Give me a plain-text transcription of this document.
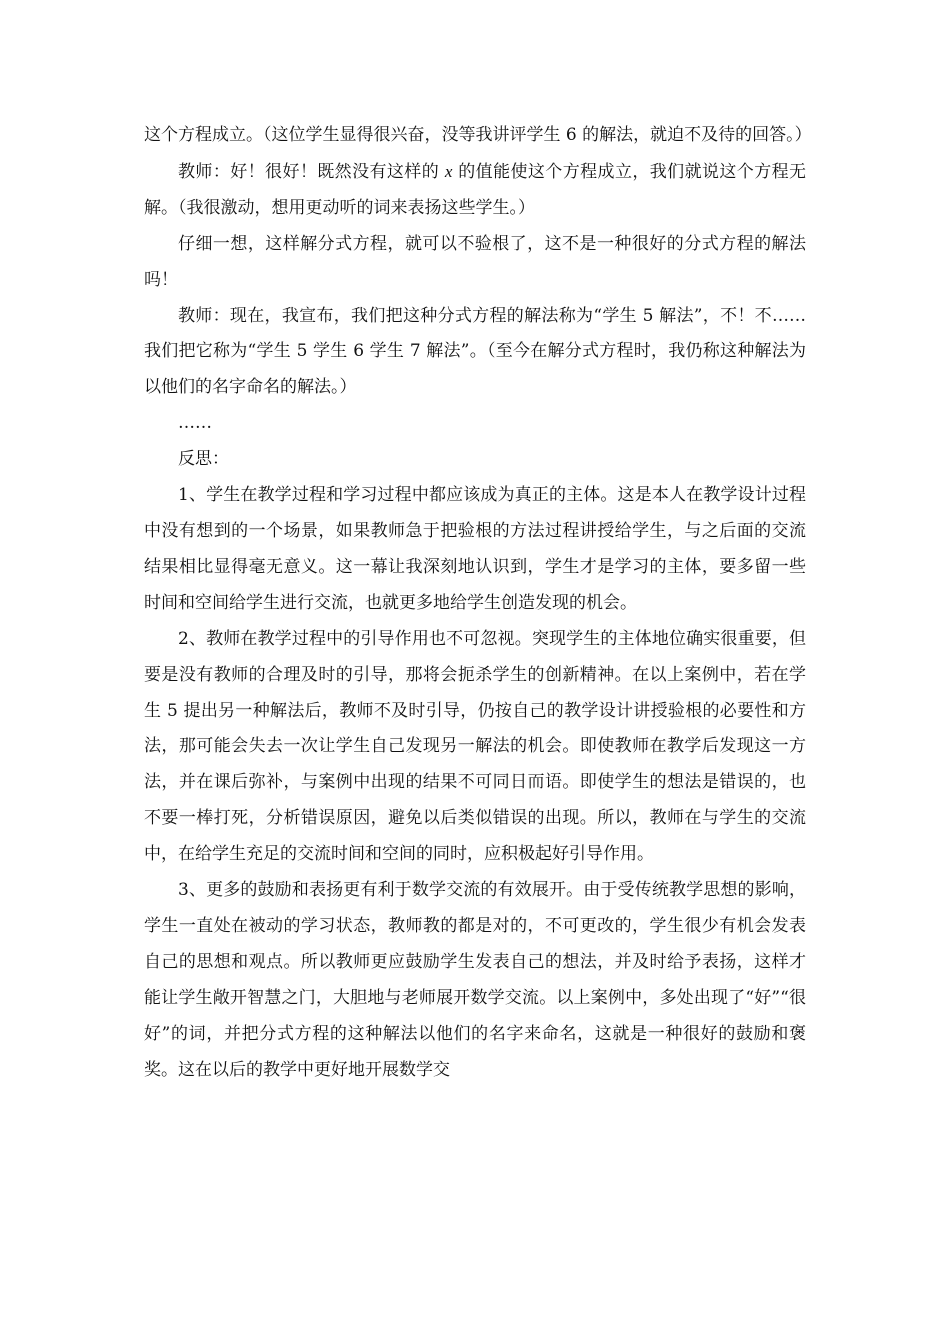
这个方程成立。（这位学生显得很兴奋，没等我讲评学生 6 的解法，就迫不及待的回答。）

教师：好！很好！既然没有这样的 x 的值能使这个方程成立，我们就说这个方程无解。（我很激动，想用更动听的词来表扬这些学生。）

仔细一想，这样解分式方程，就可以不验根了，这不是一种很好的分式方程的解法吗！

教师：现在，我宣布，我们把这种分式方程的解法称为“学生 5 解法”，不！不……我们把它称为“学生 5 学生 6 学生 7 解法”。（至今在解分式方程时，我仍称这种解法为以他们的名字命名的解法。）

……

反思：

1、学生在教学过程和学习过程中都应该成为真正的主体。这是本人在教学设计过程中没有想到的一个场景，如果教师急于把验根的方法过程讲授给学生，与之后面的交流结果相比显得毫无意义。这一幕让我深刻地认识到，学生才是学习的主体，要多留一些时间和空间给学生进行交流，也就更多地给学生创造发现的机会。

2、教师在教学过程中的引导作用也不可忽视。突现学生的主体地位确实很重要，但要是没有教师的合理及时的引导，那将会扼杀学生的创新精神。在以上案例中，若在学生 5 提出另一种解法后，教师不及时引导，仍按自己的教学设计讲授验根的必要性和方法，那可能会失去一次让学生自己发现另一解法的机会。即使教师在教学后发现这一方法，并在课后弥补，与案例中出现的结果不可同日而语。即使学生的想法是错误的，也不要一棒打死，分析错误原因，避免以后类似错误的出现。所以，教师在与学生的交流中，在给学生充足的交流时间和空间的同时，应积极起好引导作用。

3、更多的鼓励和表扬更有利于数学交流的有效展开。由于受传统教学思想的影响，学生一直处在被动的学习状态，教师教的都是对的，不可更改的，学生很少有机会发表自己的思想和观点。所以教师更应鼓励学生发表自己的想法，并及时给予表扬，这样才能让学生敞开智慧之门，大胆地与老师展开数学交流。以上案例中，多处出现了“好”“很好”的词，并把分式方程的这种解法以他们的名字来命名，这就是一种很好的鼓励和褒奖。这在以后的教学中更好地开展数学交
